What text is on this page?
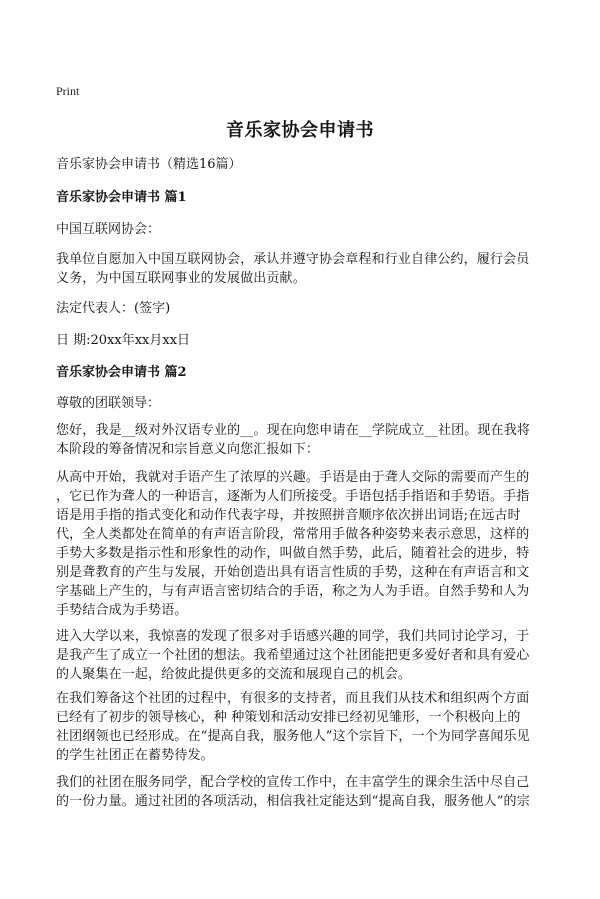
Print
音乐家协会申请书
音乐家协会申请书（精选16篇）
音乐家协会申请书 篇1
中国互联网协会：
我单位自愿加入中国互联网协会，承认并遵守协会章程和行业自律公约，履行会员
义务，为中国互联网事业的发展做出贡献。
法定代表人：(签字)
日 期:20xx年xx月xx日
音乐家协会申请书 篇2
尊敬的团联领导：
您好，我是__级对外汉语专业的__。现在向您申请在__学院成立__社团。现在我将
本阶段的筹备情况和宗旨意义向您汇报如下：
从高中开始，我就对手语产生了浓厚的兴趣。手语是由于聋人交际的需要而产生的
，它已作为聋人的一种语言，逐渐为人们所接受。手语包括手指语和手势语。手指
语是用手指的指式变化和动作代表字母，并按照拼音顺序依次拼出词语;在远古时
代，全人类都处在简单的有声语言阶段，常常用手做各种姿势来表示意思，这样的
手势大多数是指示性和形象性的动作，叫做自然手势，此后，随着社会的进步，特
别是聋教育的产生与发展，开始创造出具有语言性质的手势，这种在有声语言和文
字基础上产生的，与有声语言密切结合的手语，称之为人为手语。自然手势和人为
手势结合成为手势语。
进入大学以来，我惊喜的发现了很多对手语感兴趣的同学，我们共同讨论学习，于
是我产生了成立一个社团的想法。我希望通过这个社团能把更多爱好者和具有爱心
的人聚集在一起，给彼此提供更多的交流和展现自己的机会。
在我们筹备这个社团的过程中，有很多的支持者，而且我们从技术和组织两个方面
已经有了初步的领导核心，种 种策划和活动安排已经初见雏形，一个积极向上的
社团纲领也已经形成。在“提高自我，服务他人”这个宗旨下，一个为同学喜闻乐见
的学生社团正在蓄势待发。
我们的社团在服务同学，配合学校的宣传工作中，在丰富学生的课余生活中尽自己
的一份力量。通过社团的各项活动，相信我社定能达到“提高自我，服务他人”的宗
